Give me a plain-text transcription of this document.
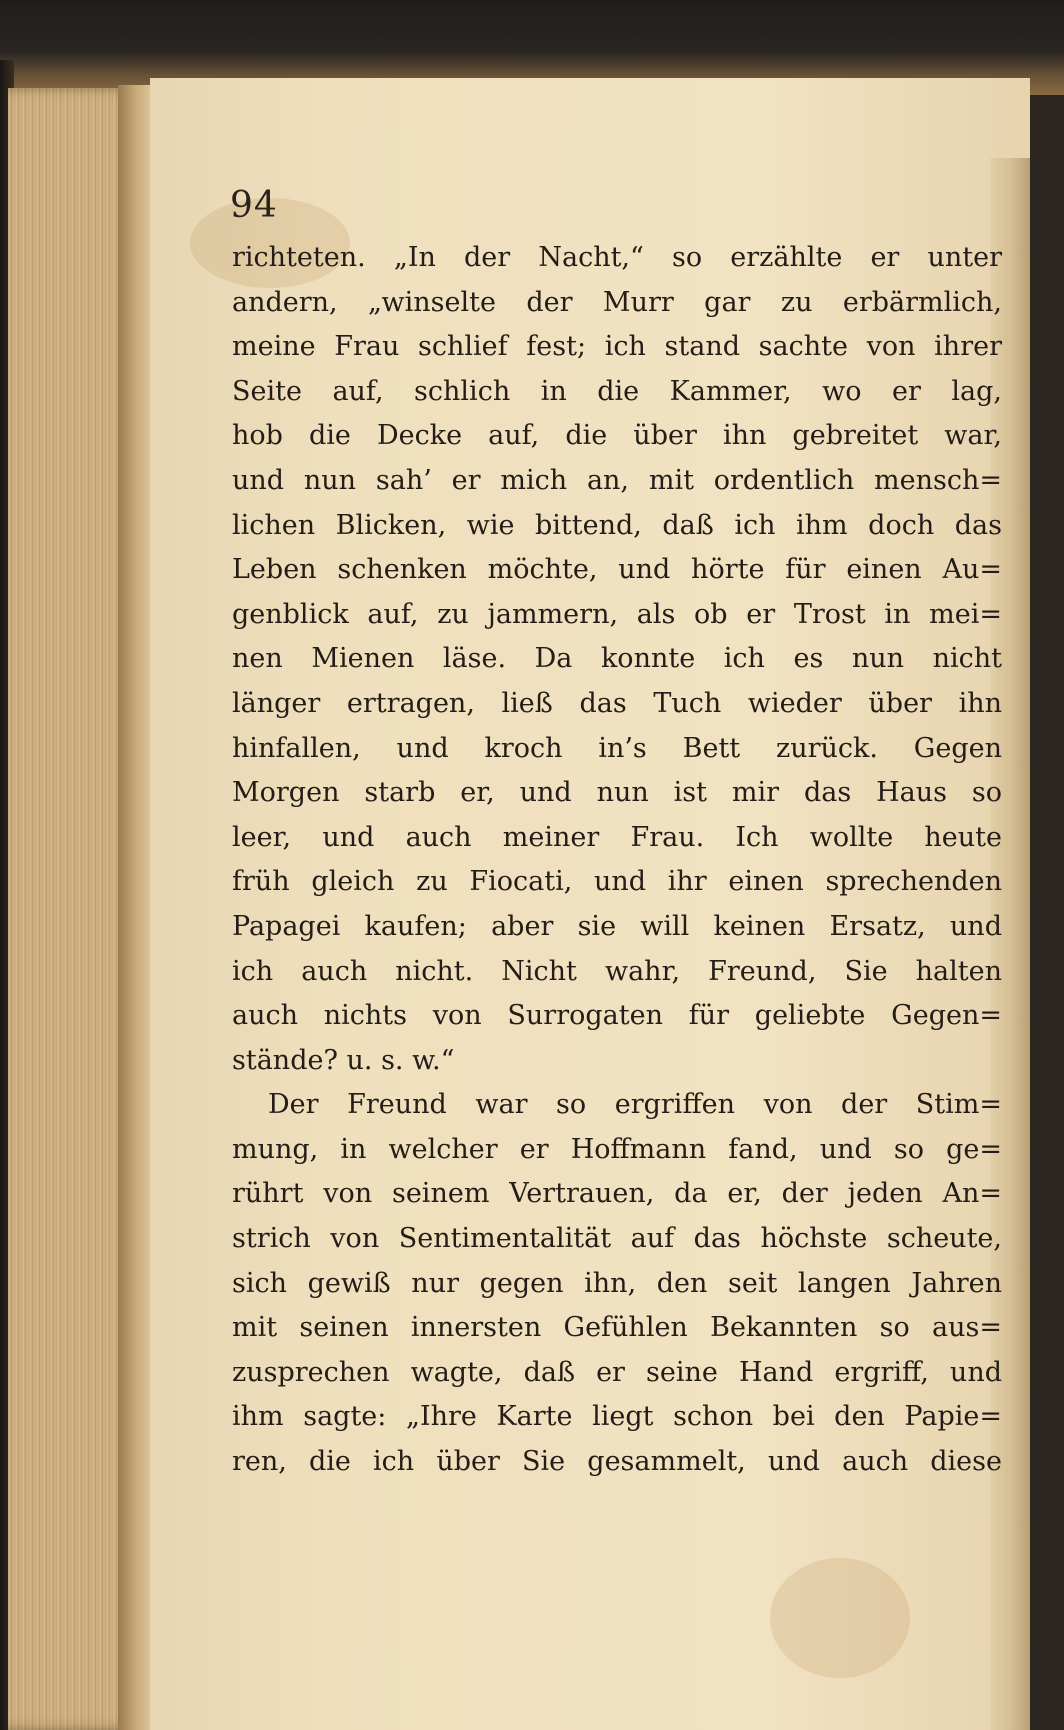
94

richteten. „In der Nacht,“ so erzählte er unter
andern, „winselte der Murr gar zu erbärmlich,
meine Frau schlief fest; ich stand sachte von ihrer
Seite auf, schlich in die Kammer, wo er lag,
hob die Decke auf, die über ihn gebreitet war,
und nun sah’ er mich an, mit ordentlich mensch=
lichen Blicken, wie bittend, daß ich ihm doch das
Leben schenken möchte, und hörte für einen Au=
genblick auf, zu jammern, als ob er Trost in mei=
nen Mienen läse. Da konnte ich es nun nicht
länger ertragen, ließ das Tuch wieder über ihn
hinfallen, und kroch in’s Bett zurück. Gegen
Morgen starb er, und nun ist mir das Haus so
leer, und auch meiner Frau. Ich wollte heute
früh gleich zu Fiocati, und ihr einen sprechenden
Papagei kaufen; aber sie will keinen Ersatz, und
ich auch nicht. Nicht wahr, Freund, Sie halten
auch nichts von Surrogaten für geliebte Gegen=
stände? u. s. w.“
Der Freund war so ergriffen von der Stim=
mung, in welcher er Hoffmann fand, und so ge=
rührt von seinem Vertrauen, da er, der jeden An=
strich von Sentimentalität auf das höchste scheute,
sich gewiß nur gegen ihn, den seit langen Jahren
mit seinen innersten Gefühlen Bekannten so aus=
zusprechen wagte, daß er seine Hand ergriff, und
ihm sagte: „Ihre Karte liegt schon bei den Papie=
ren, die ich über Sie gesammelt, und auch diese
